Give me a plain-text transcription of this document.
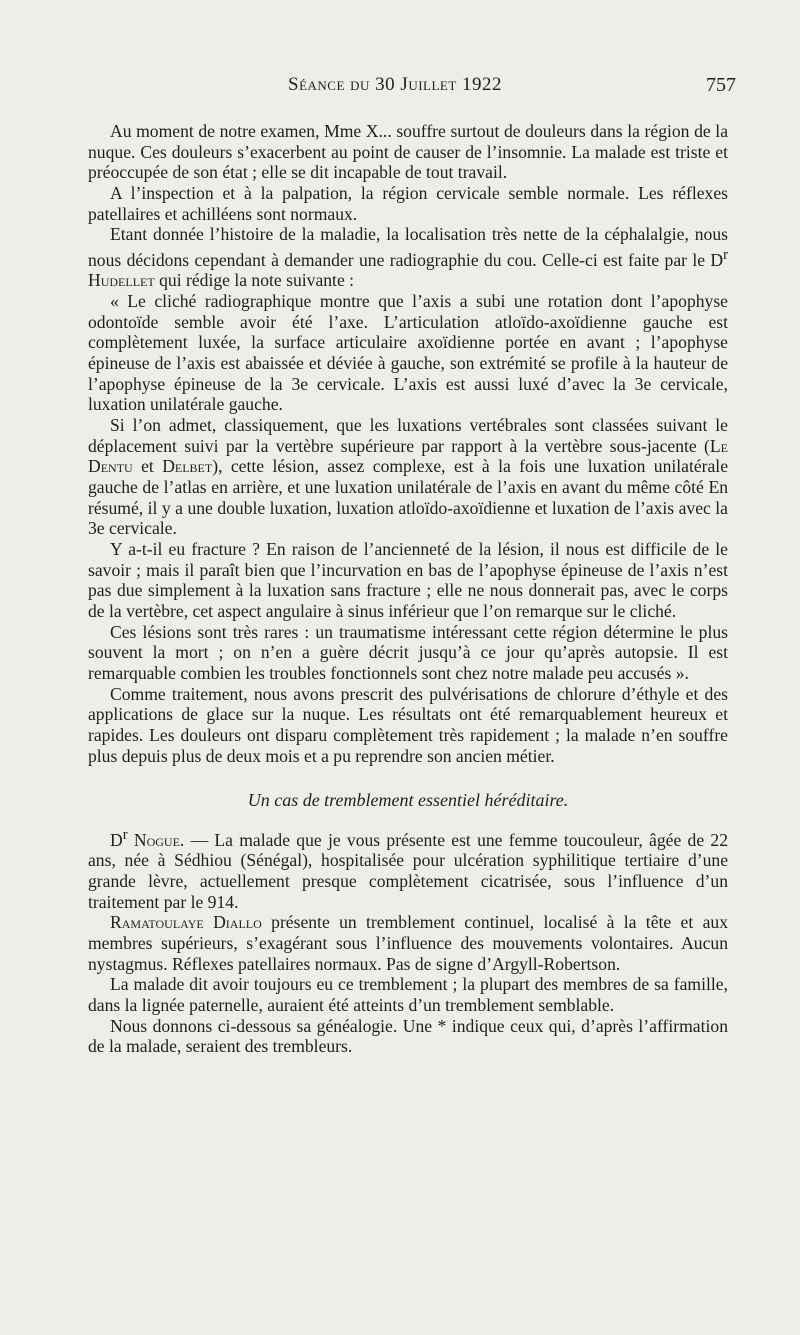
Séance du 30 Juillet 1922	757

Au moment de notre examen, Mme X... souffre surtout de douleurs dans la région de la nuque. Ces douleurs s’exacerbent au point de causer de l’insomnie. La malade est triste et préoccupée de son état ; elle se dit incapable de tout travail.

A l’inspection et à la palpation, la région cervicale semble normale. Les réflexes patellaires et achilléens sont normaux.

Etant donnée l’histoire de la maladie, la localisation très nette de la céphalalgie, nous nous décidons cependant à demander une radiographie du cou. Celle-ci est faite par le $D^r$ Hudellet qui rédige la note suivante :

« Le cliché radiographique montre que l’axis a subi une rotation dont l’apophyse odontoïde semble avoir été l’axe. L’articulation atloïdo-axoïdienne gauche est complètement luxée, la surface articulaire axoïdienne portée en avant ; l’apophyse épineuse de l’axis est abaissée et déviée à gauche, son extrémité se profile à la hauteur de l’apophyse épineuse de la 3e cervicale. L’axis est aussi luxé d’avec la 3e cervicale, luxation unilatérale gauche.

Si l’on admet, classiquement, que les luxations vertébrales sont classées suivant le déplacement suivi par la vertèbre supérieure par rapport à la vertèbre sous-jacente (Le Dentu et Delbet), cette lésion, assez complexe, est à la fois une luxation unilatérale gauche de l’atlas en arrière, et une luxation unilatérale de l’axis en avant du même côté En résumé, il y a une double luxation, luxation atloïdo-axoïdienne et luxation de l’axis avec la 3e cervicale.

Y a-t-il eu fracture ? En raison de l’ancienneté de la lésion, il nous est difficile de le savoir ; mais il paraît bien que l’incurvation en bas de l’apophyse épineuse de l’axis n’est pas due simplement à la luxation sans fracture ; elle ne nous donnerait pas, avec le corps de la vertèbre, cet aspect angulaire à sinus inférieur que l’on remarque sur le cliché.

Ces lésions sont très rares : un traumatisme intéressant cette région détermine le plus souvent la mort ; on n’en a guère décrit jusqu’à ce jour qu’après autopsie. Il est remarquable combien les troubles fonctionnels sont chez notre malade peu accusés ».

Comme traitement, nous avons prescrit des pulvérisations de chlorure d’éthyle et des applications de glace sur la nuque. Les résultats ont été remarquablement heureux et rapides. Les douleurs ont disparu complètement très rapidement ; la malade n’en souffre plus depuis plus de deux mois et a pu reprendre son ancien métier.

Un cas de tremblement essentiel héréditaire.

$D^r$ Nogue. — La malade que je vous présente est une femme toucouleur, âgée de 22 ans, née à Sédhiou (Sénégal), hospitalisée pour ulcération syphilitique tertiaire d’une grande lèvre, actuellement presque complètement cicatrisée, sous l’influence d’un traitement par le 914.

Ramatoulaye Diallo présente un tremblement continuel, localisé à la tête et aux membres supérieurs, s’exagérant sous l’influence des mouvements volontaires. Aucun nystagmus. Réflexes patellaires normaux. Pas de signe d’Argyll-Robertson.

La malade dit avoir toujours eu ce tremblement ; la plupart des membres de sa famille, dans la lignée paternelle, auraient été atteints d’un tremblement semblable.

Nous donnons ci-dessous sa généalogie. Une * indique ceux qui, d’après l’affirmation de la malade, seraient des trembleurs.
